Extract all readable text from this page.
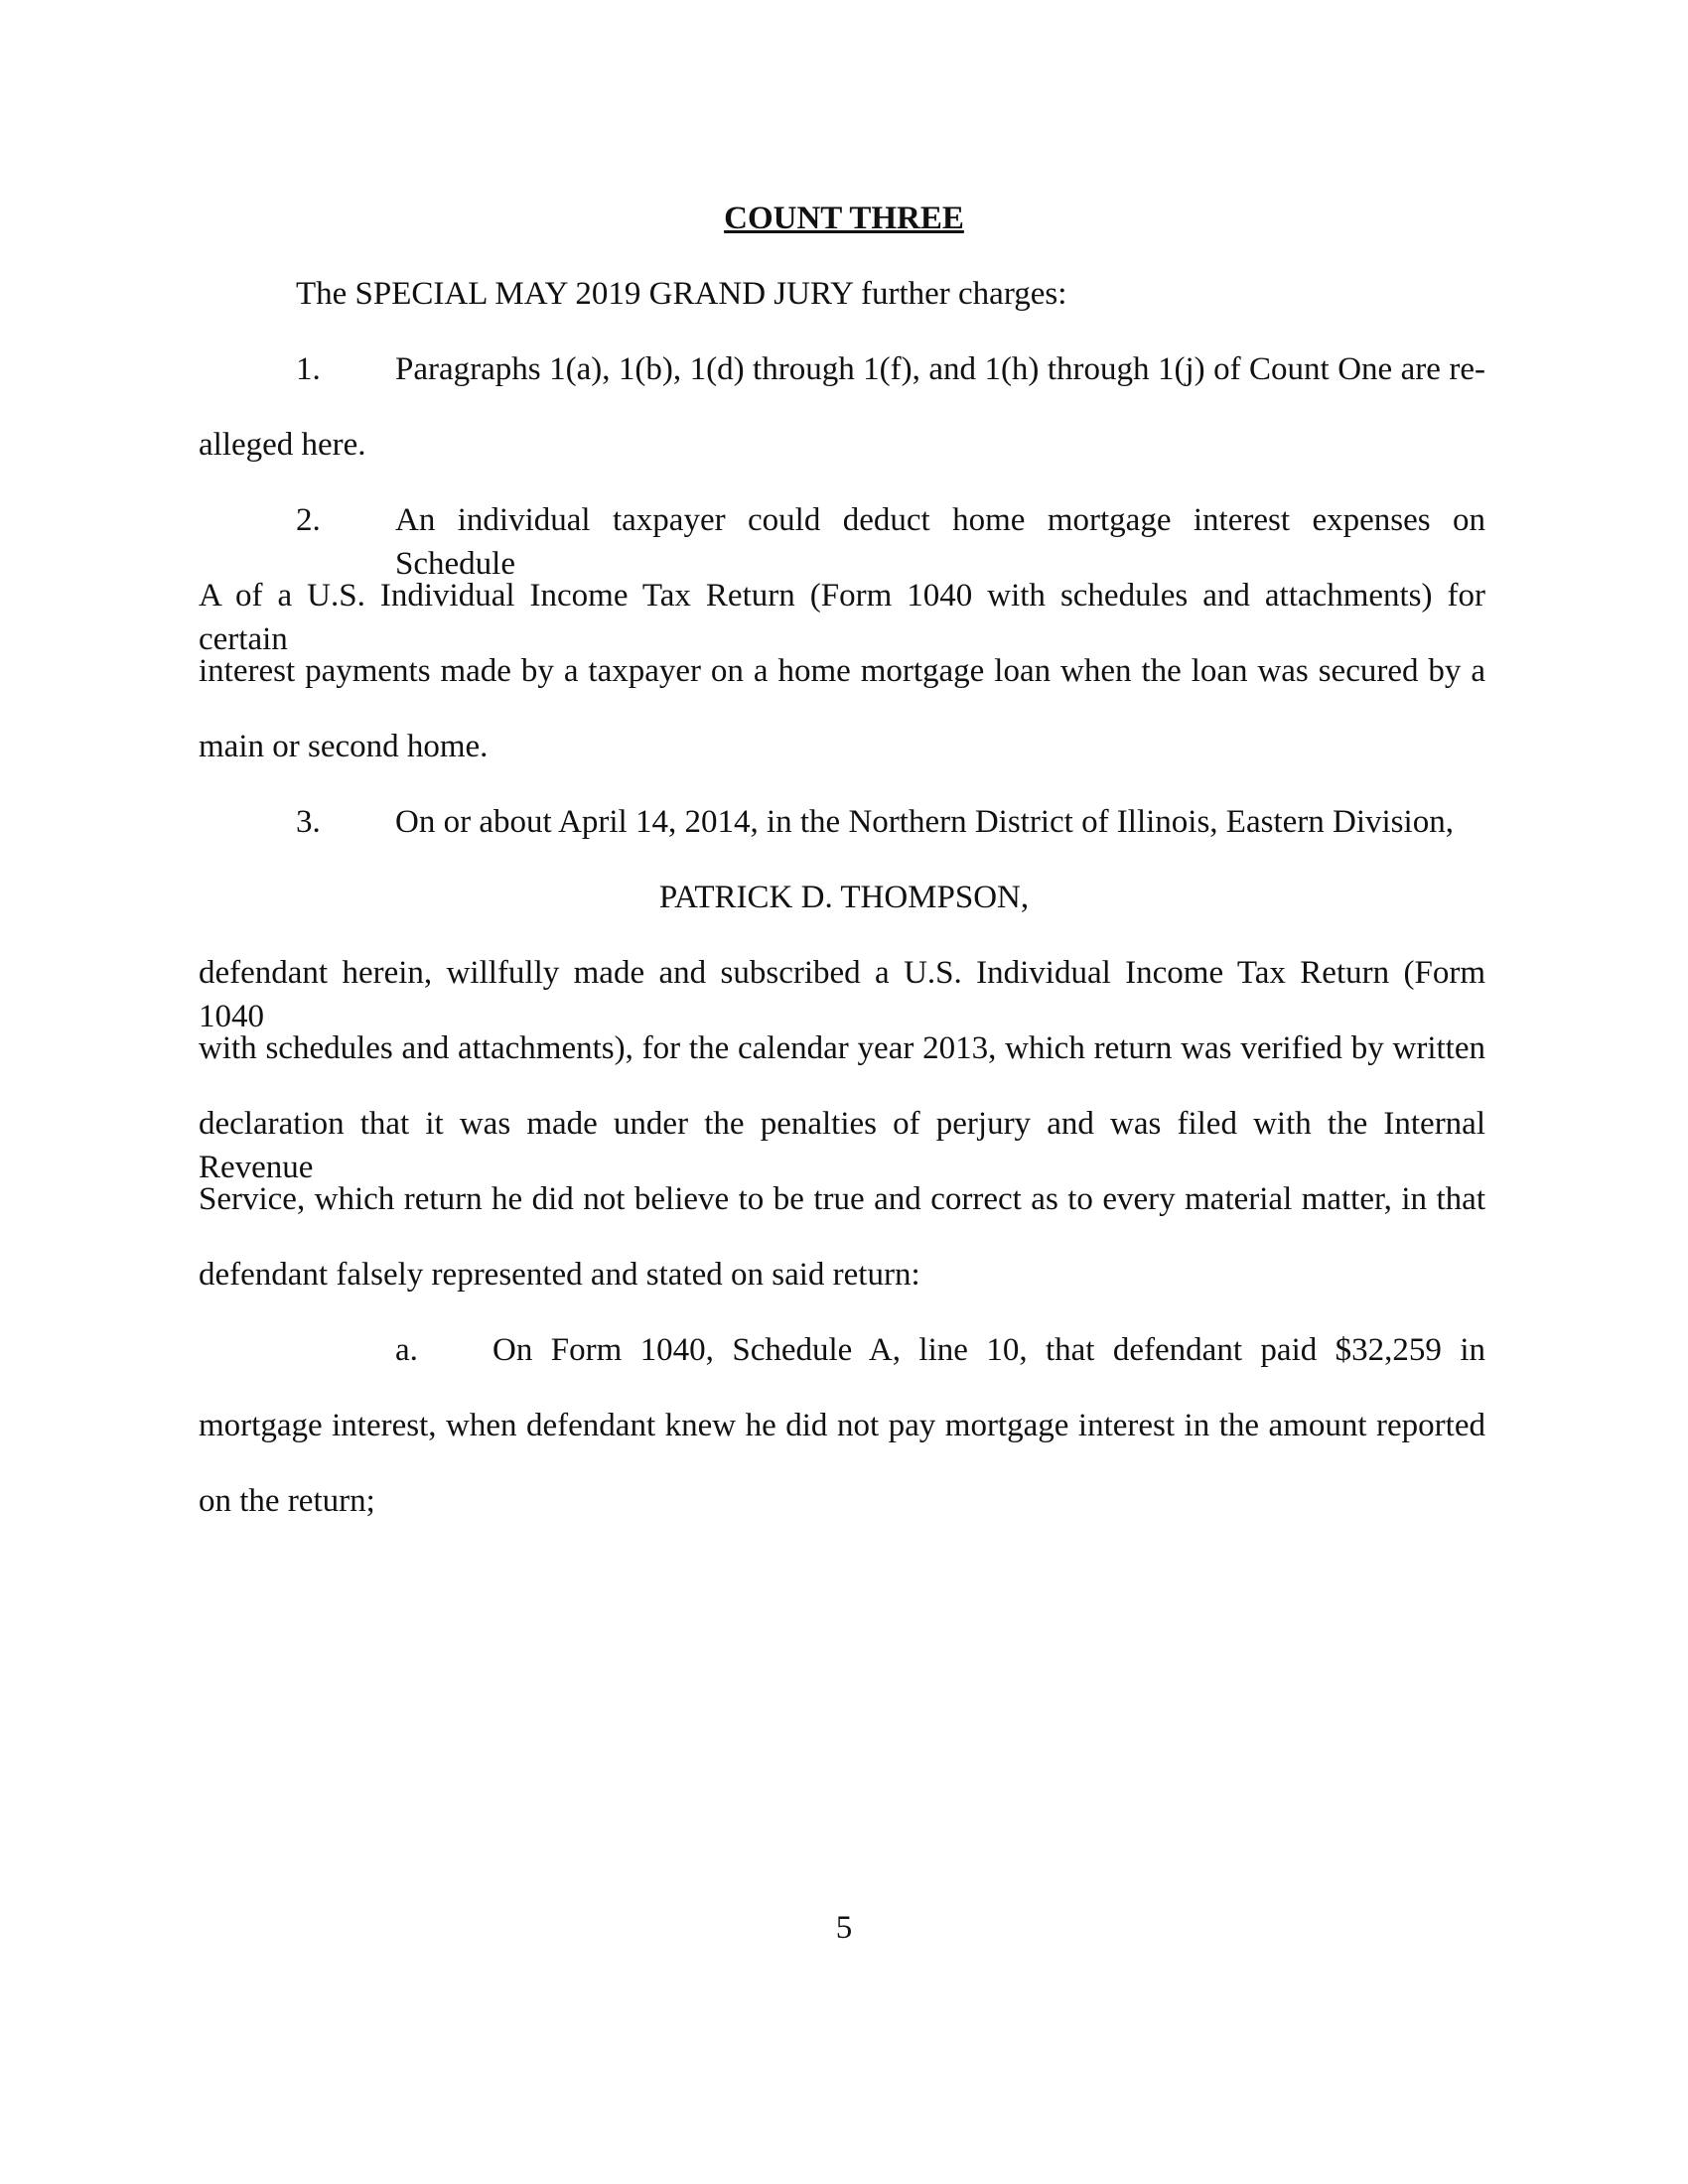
COUNT THREE
The SPECIAL MAY 2019 GRAND JURY further charges:
1. Paragraphs 1(a), 1(b), 1(d) through 1(f), and 1(h) through 1(j) of Count One are re-
alleged here.
2. An individual taxpayer could deduct home mortgage interest expenses on Schedule
A of a U.S. Individual Income Tax Return (Form 1040 with schedules and attachments) for certain
interest payments made by a taxpayer on a home mortgage loan when the loan was secured by a
main or second home.
3. On or about April 14, 2014, in the Northern District of Illinois, Eastern Division,
PATRICK D. THOMPSON,
defendant herein, willfully made and subscribed a U.S. Individual Income Tax Return (Form 1040
with schedules and attachments), for the calendar year 2013, which return was verified by written
declaration that it was made under the penalties of perjury and was filed with the Internal Revenue
Service, which return he did not believe to be true and correct as to every material matter, in that
defendant falsely represented and stated on said return:
a. On Form 1040, Schedule A, line 10, that defendant paid $32,259 in
mortgage interest, when defendant knew he did not pay mortgage interest in the amount reported
on the return;
5
